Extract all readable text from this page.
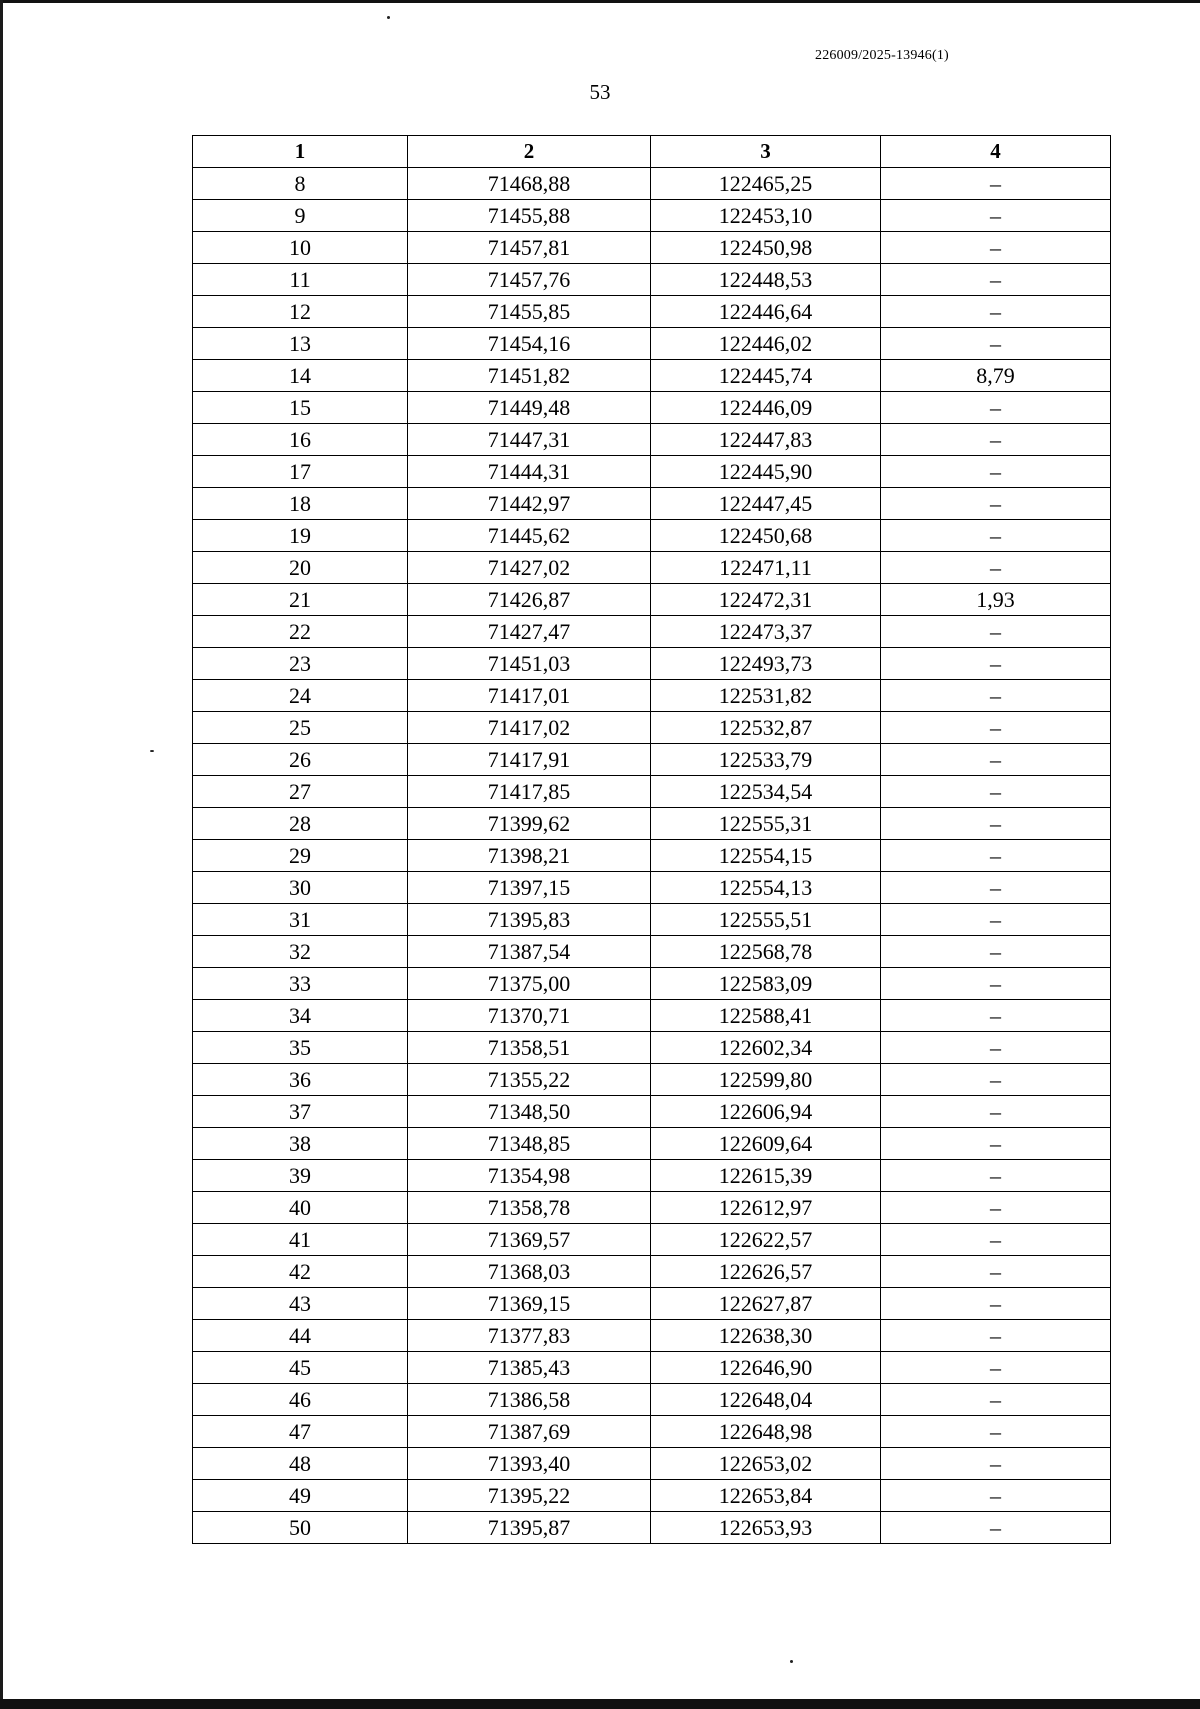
226009/2025-13946(1)
53
1	2	3	4
8	71468,88	122465,25	–
9	71455,88	122453,10	–
10	71457,81	122450,98	–
11	71457,76	122448,53	–
12	71455,85	122446,64	–
13	71454,16	122446,02	–
14	71451,82	122445,74	8,79
15	71449,48	122446,09	–
16	71447,31	122447,83	–
17	71444,31	122445,90	–
18	71442,97	122447,45	–
19	71445,62	122450,68	–
20	71427,02	122471,11	–
21	71426,87	122472,31	1,93
22	71427,47	122473,37	–
23	71451,03	122493,73	–
24	71417,01	122531,82	–
25	71417,02	122532,87	–
26	71417,91	122533,79	–
27	71417,85	122534,54	–
28	71399,62	122555,31	–
29	71398,21	122554,15	–
30	71397,15	122554,13	–
31	71395,83	122555,51	–
32	71387,54	122568,78	–
33	71375,00	122583,09	–
34	71370,71	122588,41	–
35	71358,51	122602,34	–
36	71355,22	122599,80	–
37	71348,50	122606,94	–
38	71348,85	122609,64	–
39	71354,98	122615,39	–
40	71358,78	122612,97	–
41	71369,57	122622,57	–
42	71368,03	122626,57	–
43	71369,15	122627,87	–
44	71377,83	122638,30	–
45	71385,43	122646,90	–
46	71386,58	122648,04	–
47	71387,69	122648,98	–
48	71393,40	122653,02	–
49	71395,22	122653,84	–
50	71395,87	122653,93	–
